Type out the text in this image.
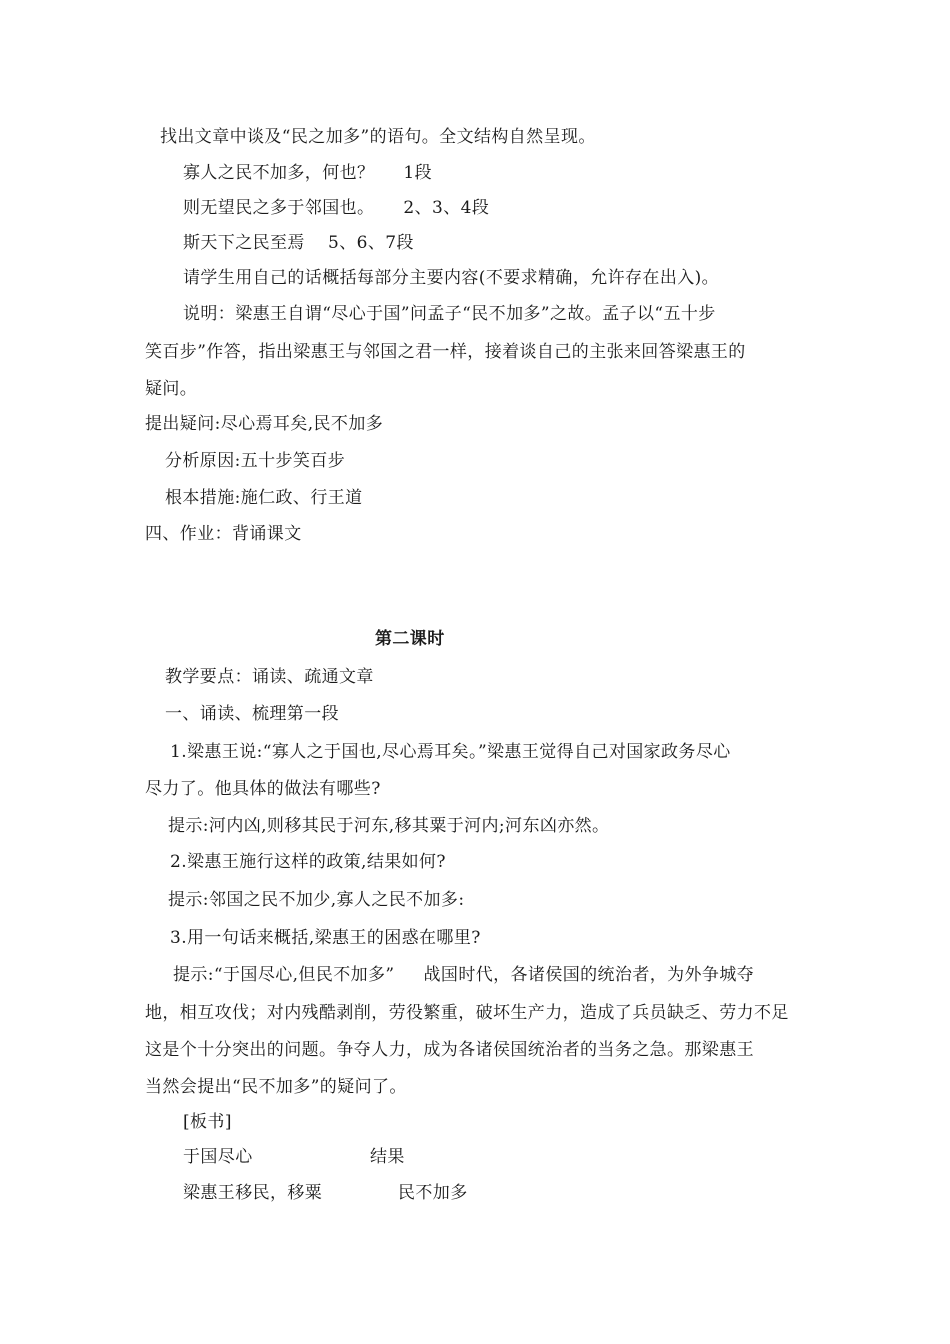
找出文章中谈及“民之加多”的语句。全文结构自然呈现。
寡人之民不加多，何也？     1段
则无望民之多于邻国也。     2、3、4段
斯天下之民至焉    5、6、7段
请学生用自己的话概括每部分主要内容(不要求精确，允许存在出入)。
说明：梁惠王自谓“尽心于国”问孟子“民不加多”之故。孟子以“五十步
笑百步”作答，指出梁惠王与邻国之君一样，接着谈自己的主张来回答梁惠王的
疑问。
提出疑问:尽心焉耳矣,民不加多
分析原因:五十步笑百步
根本措施:施仁政、行王道
四、作业：背诵课文
第二课时
教学要点：诵读、疏通文章
一、诵读、梳理第一段
1.梁惠王说:“寡人之于国也,尽心焉耳矣。”梁惠王觉得自己对国家政务尽心
尽力了。他具体的做法有哪些?
提示:河内凶,则移其民于河东,移其粟于河内;河东凶亦然。
2.梁惠王施行这样的政策,结果如何?
提示:邻国之民不加少,寡人之民不加多:
3.用一句话来概括,梁惠王的困惑在哪里?
提示:“于国尽心,但民不加多”     战国时代，各诸侯国的统治者，为外争城夺
地，相互攻伐；对内残酷剥削，劳役繁重，破坏生产力，造成了兵员缺乏、劳力不足
这是个十分突出的问题。争夺人力，成为各诸侯国统治者的当务之急。那梁惠王
当然会提出“民不加多”的疑问了。
[板书]
于国尽心	结果
梁惠王移民，移粟	民不加多
